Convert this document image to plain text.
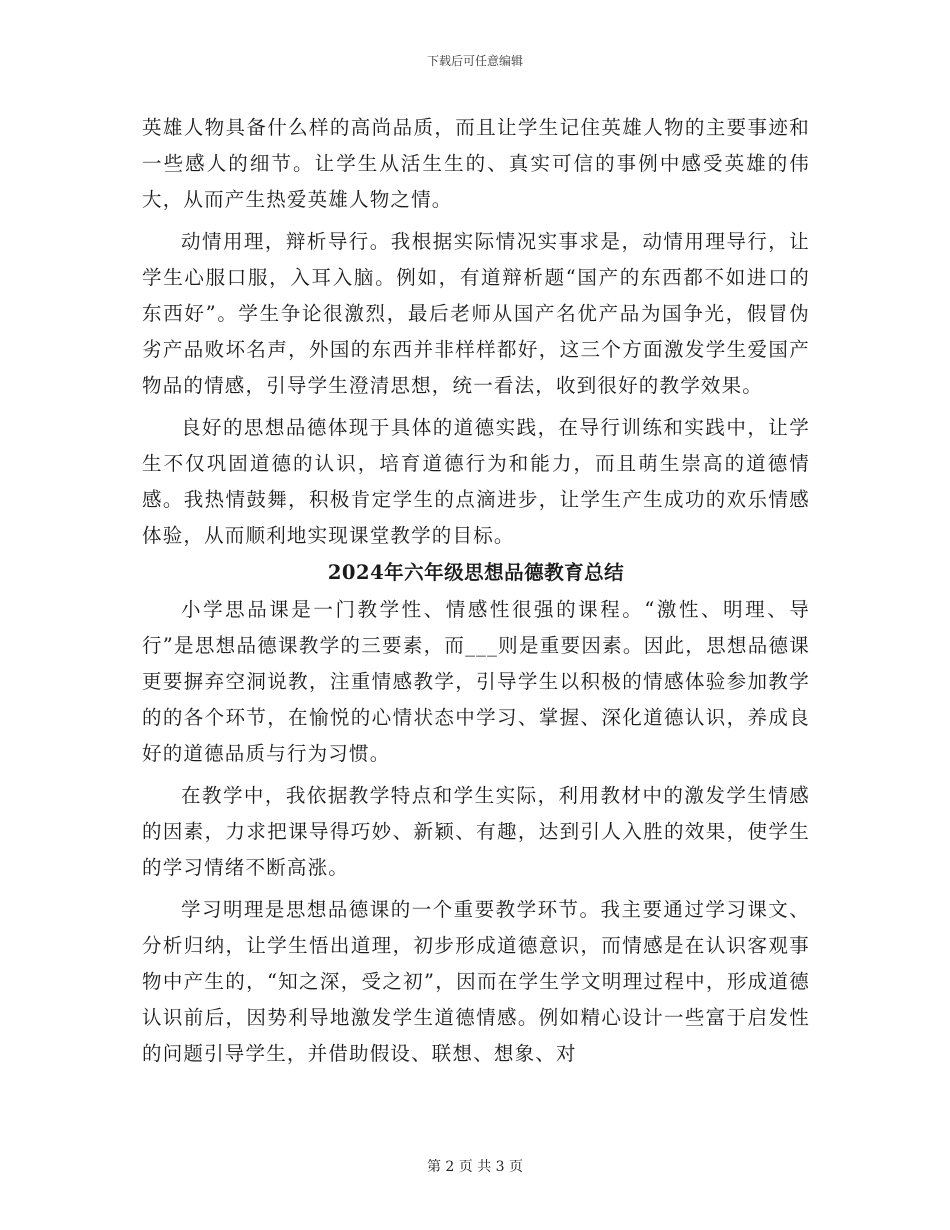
下载后可任意编辑

英雄人物具备什么样的高尚品质，而且让学生记住英雄人物的主要事迹和一些感人的细节。让学生从活生生的、真实可信的事例中感受英雄的伟大，从而产生热爱英雄人物之情。

动情用理，辩析导行。我根据实际情况实事求是，动情用理导行，让学生心服口服，入耳入脑。例如，有道辩析题“国产的东西都不如进口的东西好”。学生争论很激烈，最后老师从国产名优产品为国争光，假冒伪劣产品败坏名声，外国的东西并非样样都好，这三个方面激发学生爱国产物品的情感，引导学生澄清思想，统一看法，收到很好的教学效果。

良好的思想品德体现于具体的道德实践，在导行训练和实践中，让学生不仅巩固道德的认识，培育道德行为和能力，而且萌生崇高的道德情感。我热情鼓舞，积极肯定学生的点滴进步，让学生产生成功的欢乐情感体验，从而顺利地实现课堂教学的目标。

2024年六年级思想品德教育总结

小学思品课是一门教学性、情感性很强的课程。“激性、明理、导行”是思想品德课教学的三要素，而___则是重要因素。因此，思想品德课更要摒弃空洞说教，注重情感教学，引导学生以积极的情感体验参加教学的的各个环节，在愉悦的心情状态中学习、掌握、深化道德认识，养成良好的道德品质与行为习惯。

在教学中，我依据教学特点和学生实际，利用教材中的激发学生情感的因素，力求把课导得巧妙、新颖、有趣，达到引人入胜的效果，使学生的学习情绪不断高涨。

学习明理是思想品德课的一个重要教学环节。我主要通过学习课文、分析归纳，让学生悟出道理，初步形成道德意识，而情感是在认识客观事物中产生的，“知之深，受之初”，因而在学生学文明理过程中，形成道德认识前后，因势利导地激发学生道德情感。例如精心设计一些富于启发性的问题引导学生，并借助假设、联想、想象、对

第 2 页 共 3 页
